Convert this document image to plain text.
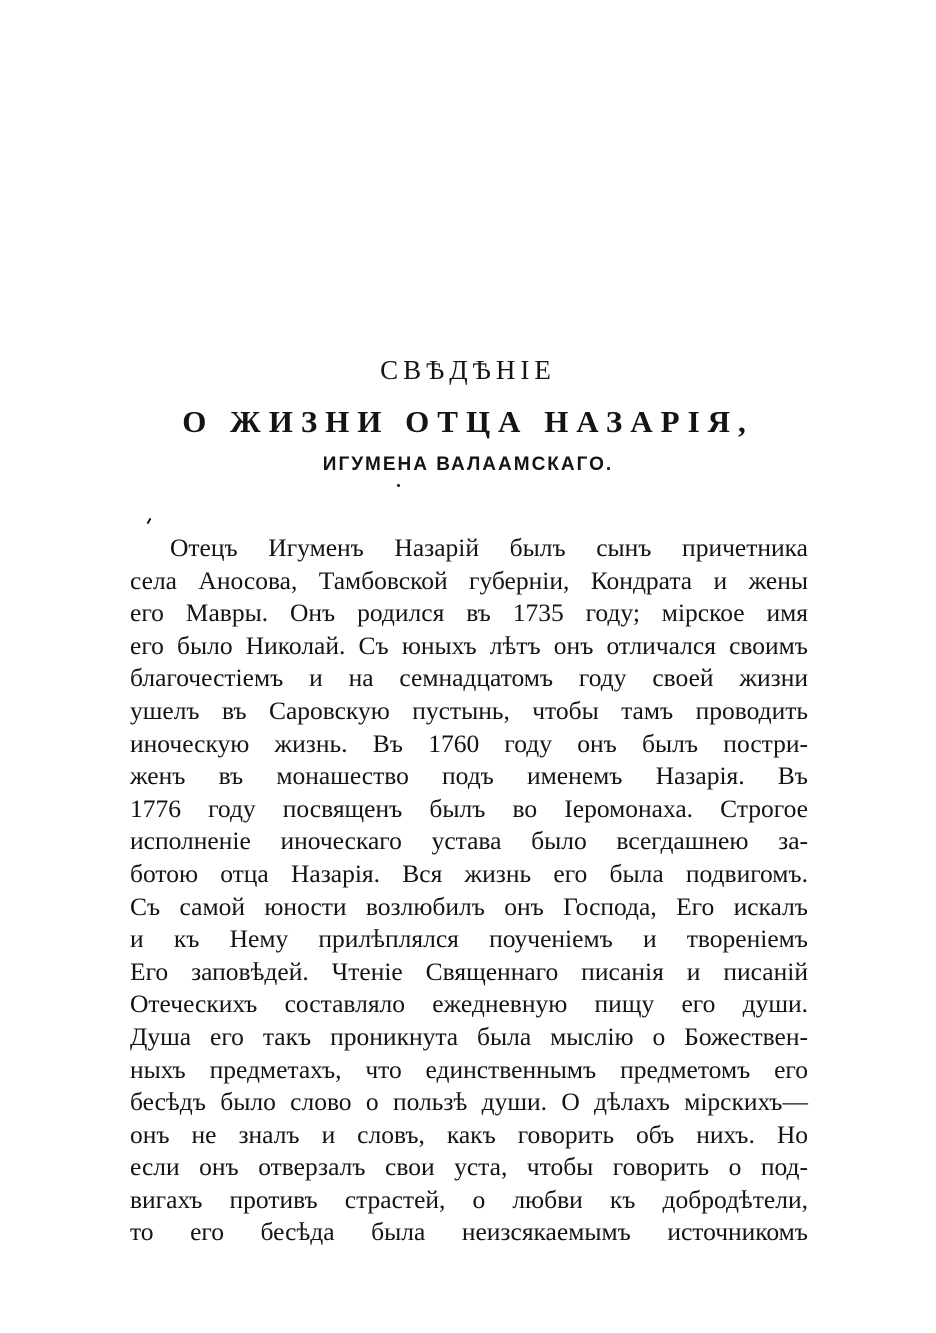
СВѢДѢНІЕ
О ЖИЗНИ ОТЦА НАЗАРІЯ,
ИГУМЕНА ВАЛААМСКАГО.
Отецъ Игуменъ Назарій былъ сынъ причетника
села Аносова, Тамбовской губерніи, Кондрата и жены
его Мавры. Онъ родился въ 1735 году; мірское имя
его было Николай. Съ юныхъ лѣтъ онъ отличался своимъ
благочестіемъ и на семнадцатомъ году своей жизни
ушелъ въ Саровскую пустынь, чтобы тамъ проводить
иноческую жизнь. Въ 1760 году онъ былъ постри-
женъ въ монашество подъ именемъ Назарія. Въ
1776 году посвященъ былъ во Іеромонаха. Строгое
исполненіе иноческаго устава было всегдашнею за-
ботою отца Назарія. Вся жизнь его была подвигомъ.
Съ самой юности возлюбилъ онъ Господа, Его искалъ
и къ Нему прилѣплялся поученіемъ и твореніемъ
Его заповѣдей. Чтеніе Священнаго писанія и писаній
Отеческихъ составляло ежедневную пищу его души.
Душа его такъ проникнута была мыслію о Божествен-
ныхъ предметахъ, что единственнымъ предметомъ его
бесѣдъ было слово о пользѣ души. О дѣлахъ мірскихъ—
онъ не зналъ и словъ, какъ говорить объ нихъ. Но
если онъ отверзалъ свои уста, чтобы говорить о под-
вигахъ противъ страстей, о любви къ добродѣтели,
то его бесѣда была неизсякаемымъ источникомъ
